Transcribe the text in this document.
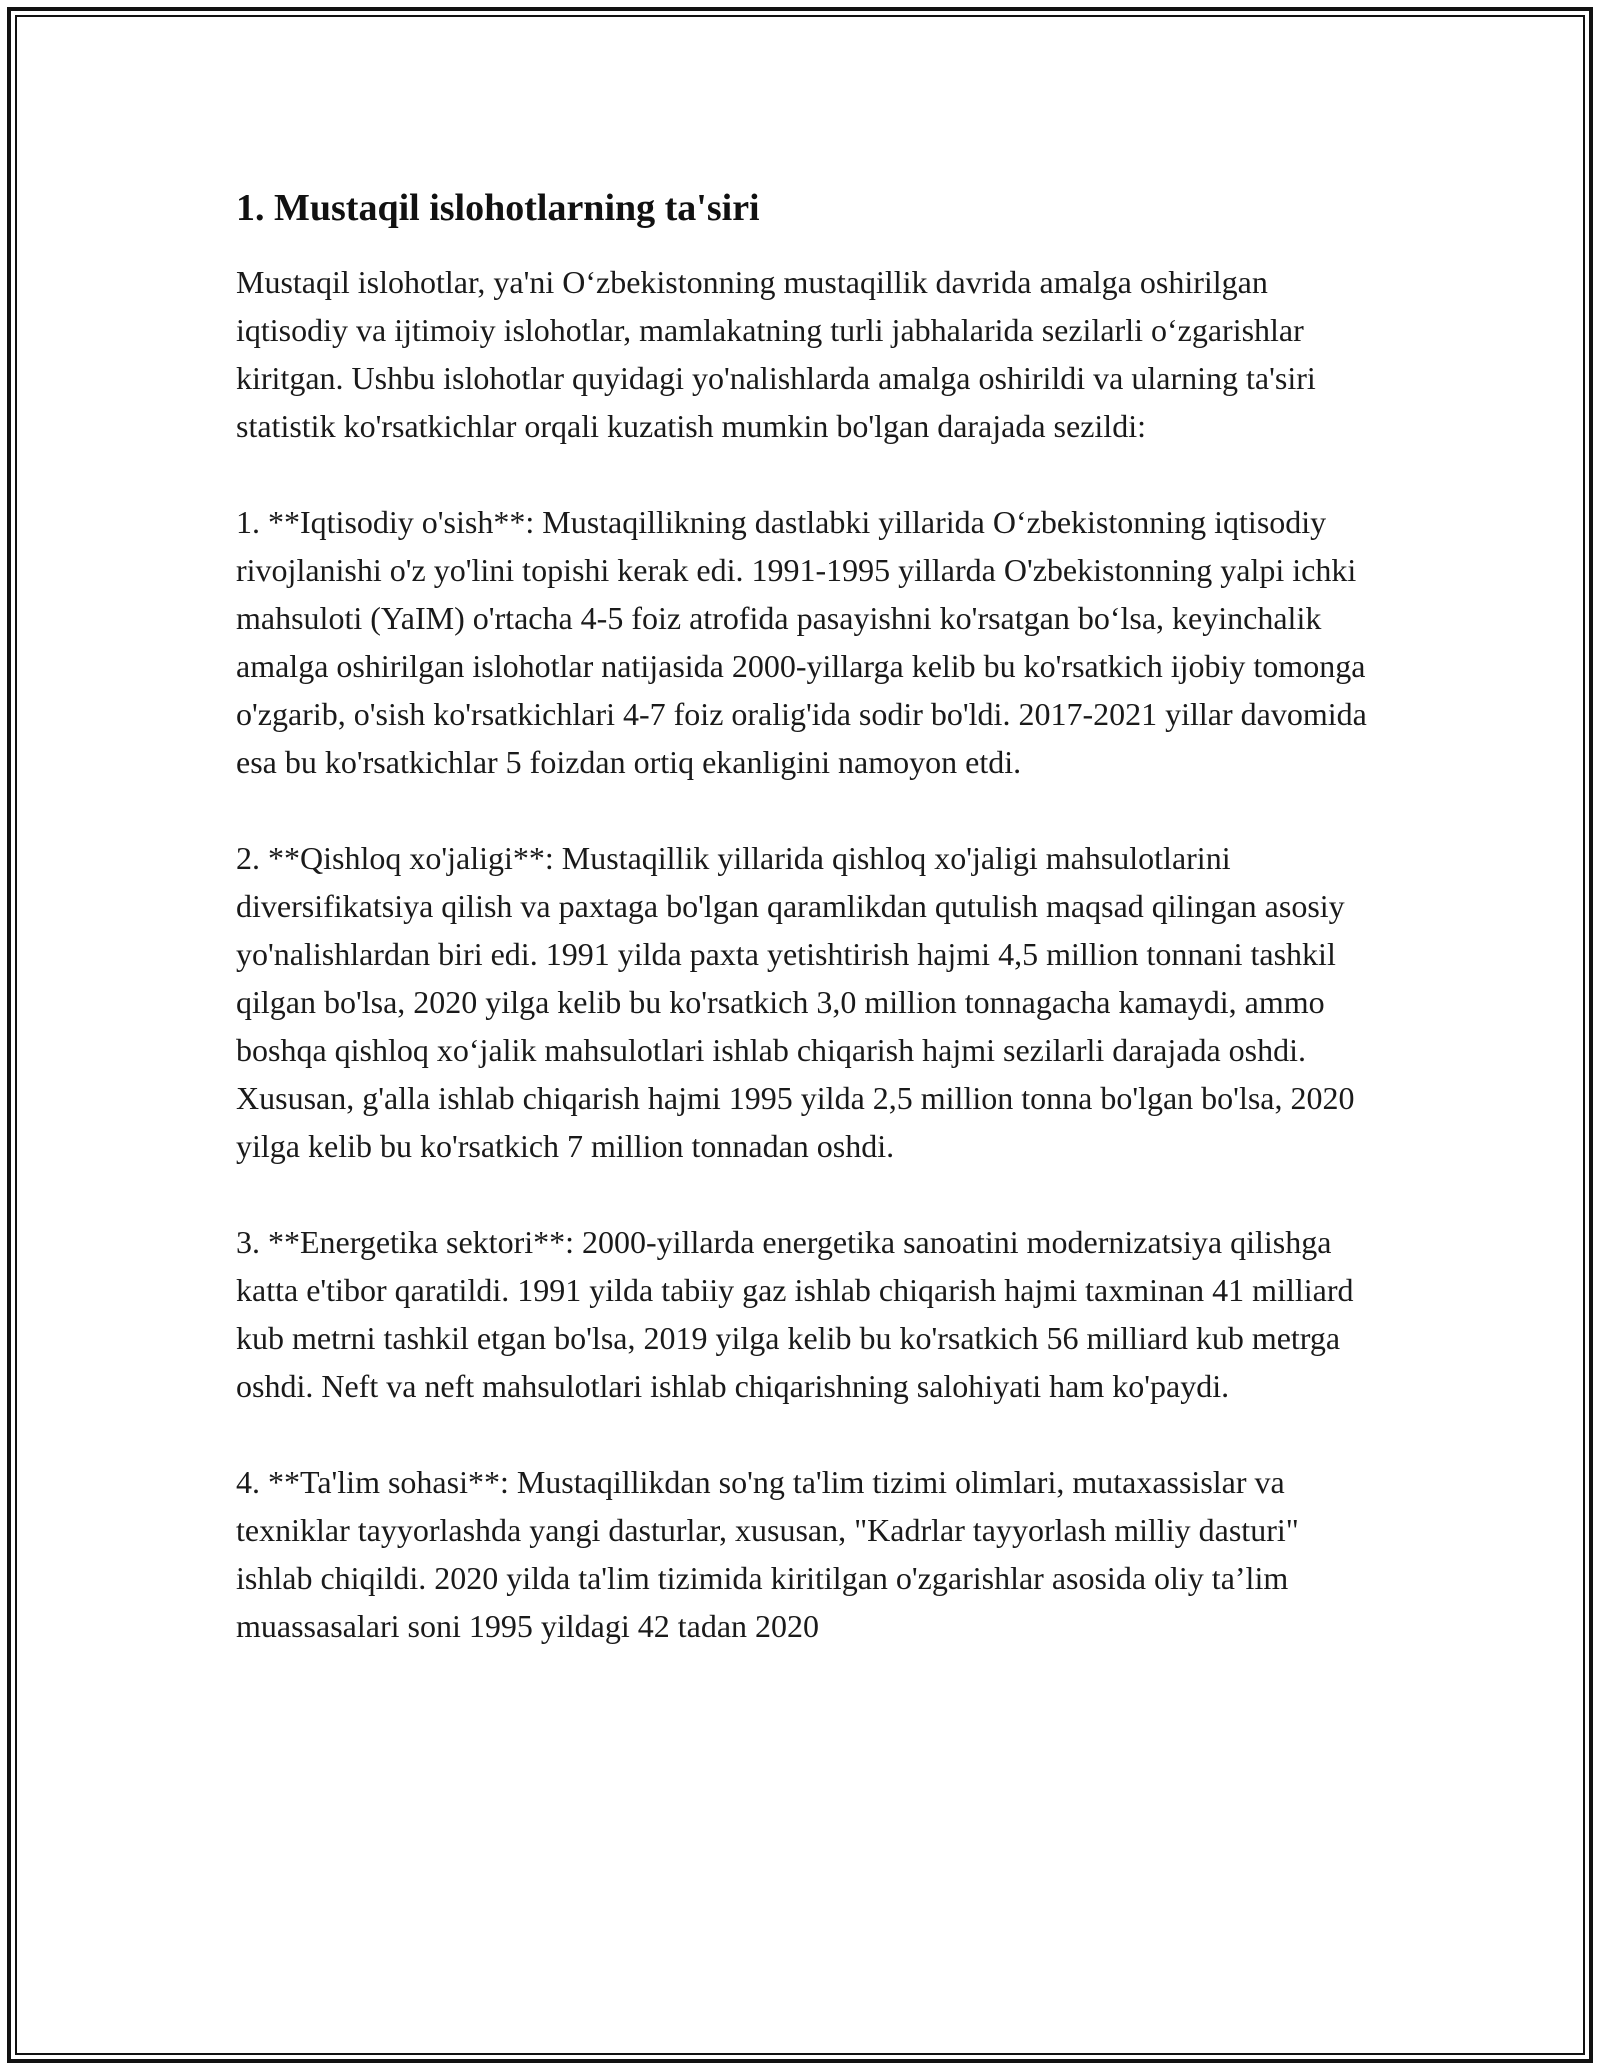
1. Mustaqil islohotlarning ta'siri

Mustaqil islohotlar, ya'ni O‘zbekistonning mustaqillik davrida amalga oshirilgan iqtisodiy va ijtimoiy islohotlar, mamlakatning turli jabhalarida sezilarli o‘zgarishlar kiritgan. Ushbu islohotlar quyidagi yo'nalishlarda amalga oshirildi va ularning ta'siri statistik ko'rsatkichlar orqali kuzatish mumkin bo'lgan darajada sezildi:

1. **Iqtisodiy o'sish**: Mustaqillikning dastlabki yillarida O‘zbekistonning iqtisodiy rivojlanishi o'z yo'lini topishi kerak edi. 1991-1995 yillarda O'zbekistonning yalpi ichki mahsuloti (YaIM) o'rtacha 4-5 foiz atrofida pasayishni ko'rsatgan bo‘lsa, keyinchalik amalga oshirilgan islohotlar natijasida 2000-yillarga kelib bu ko'rsatkich ijobiy tomonga o'zgarib, o'sish ko'rsatkichlari 4-7 foiz oralig'ida sodir bo'ldi. 2017-2021 yillar davomida esa bu ko'rsatkichlar 5 foizdan ortiq ekanligini namoyon etdi.

2. **Qishloq xo'jaligi**: Mustaqillik yillarida qishloq xo'jaligi mahsulotlarini diversifikatsiya qilish va paxtaga bo'lgan qaramlikdan qutulish maqsad qilingan asosiy yo'nalishlardan biri edi. 1991 yilda paxta yetishtirish hajmi 4,5 million tonnani tashkil qilgan bo'lsa, 2020 yilga kelib bu ko'rsatkich 3,0 million tonnagacha kamaydi, ammo boshqa qishloq xo‘jalik mahsulotlari ishlab chiqarish hajmi sezilarli darajada oshdi. Xususan, g'alla ishlab chiqarish hajmi 1995 yilda 2,5 million tonna bo'lgan bo'lsa, 2020 yilga kelib bu ko'rsatkich 7 million tonnadan oshdi.

3. **Energetika sektori**: 2000-yillarda energetika sanoatini modernizatsiya qilishga katta e'tibor qaratildi. 1991 yilda tabiiy gaz ishlab chiqarish hajmi taxminan 41 milliard kub metrni tashkil etgan bo'lsa, 2019 yilga kelib bu ko'rsatkich 56 milliard kub metrga oshdi. Neft va neft mahsulotlari ishlab chiqarishning salohiyati ham ko'paydi.

4. **Ta'lim sohasi**: Mustaqillikdan so'ng ta'lim tizimi olimlari, mutaxassislar va texniklar tayyorlashda yangi dasturlar, xususan, "Kadrlar tayyorlash milliy dasturi" ishlab chiqildi. 2020 yilda ta'lim tizimida kiritilgan o'zgarishlar asosida oliy ta’lim muassasalari soni 1995 yildagi 42 tadan 2020
